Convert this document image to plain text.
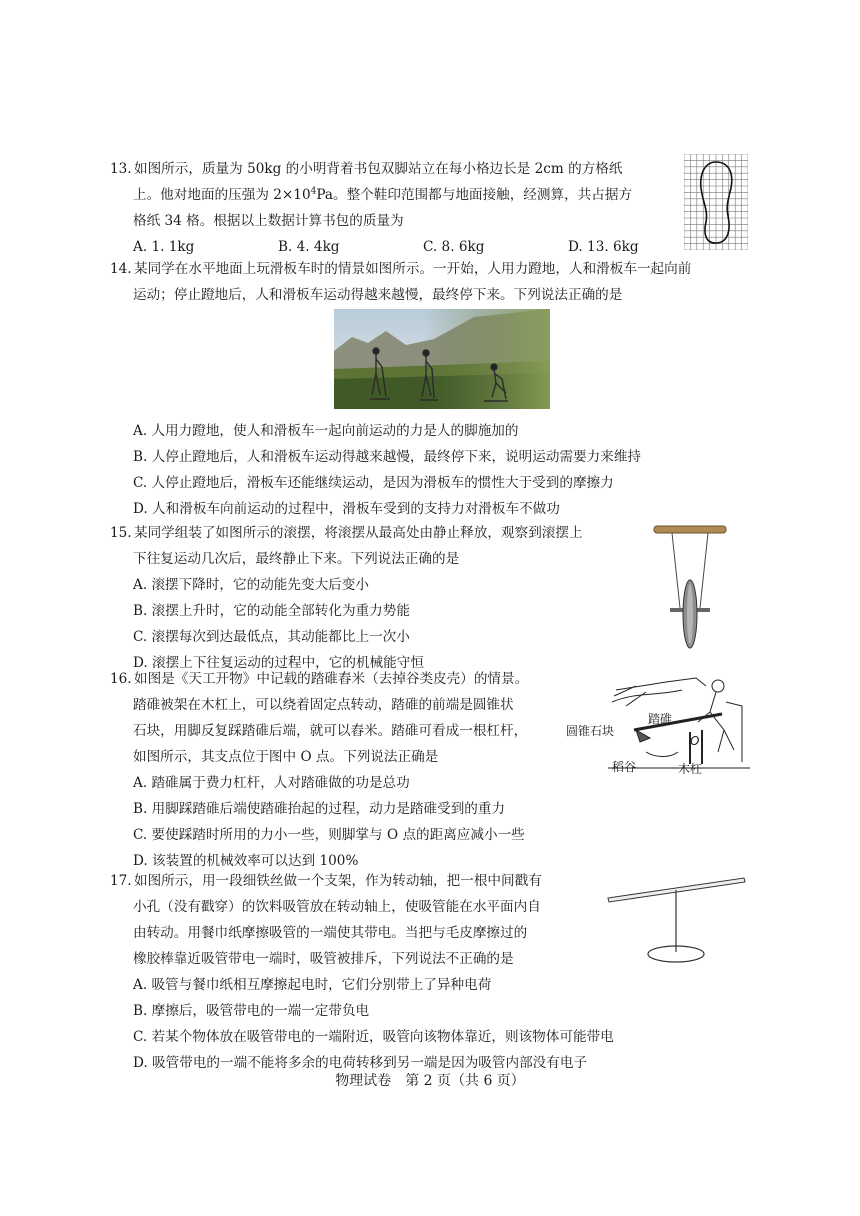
13. 如图所示，质量为 50kg 的小明背着书包双脚站立在每小格边长是 2cm 的方格纸
上。他对地面的压强为 $2\times 10^4Pa$。整个鞋印范围都与地面接触，经测算，共占据方
格纸 34 格。根据以上数据计算书包的质量为
A. 1. 1kg	B. 4. 4kg	C. 8. 6kg	D. 13. 6kg
14. 某同学在水平地面上玩滑板车时的情景如图所示。一开始，人用力蹬地，人和滑板车一起向前
运动；停止蹬地后，人和滑板车运动得越来越慢，最终停下来。下列说法正确的是
A. 人用力蹬地，使人和滑板车一起向前运动的力是人的脚施加的
B. 人停止蹬地后，人和滑板车运动得越来越慢，最终停下来，说明运动需要力来维持
C. 人停止蹬地后，滑板车还能继续运动，是因为滑板车的惯性大于受到的摩擦力
D. 人和滑板车向前运动的过程中，滑板车受到的支持力对滑板车不做功
15. 某同学组装了如图所示的滚摆，将滚摆从最高处由静止释放，观察到滚摆上
下往复运动几次后，最终静止下来。下列说法正确的是
A. 滚摆下降时，它的动能先变大后变小
B. 滚摆上升时，它的动能全部转化为重力势能
C. 滚摆每次到达最低点，其动能都比上一次小
D. 滚摆上下往复运动的过程中，它的机械能守恒
16. 如图是《天工开物》中记载的踏碓舂米（去掉谷类皮壳）的情景。
踏碓被架在木杠上，可以绕着固定点转动，踏碓的前端是圆锥状
石块，用脚反复踩踏碓后端，就可以舂米。踏碓可看成一根杠杆，
如图所示，其支点位于图中 O 点。下列说法正确是
A. 踏碓属于费力杠杆，人对踏碓做的功是总功
B. 用脚踩踏碓后端使踏碓抬起的过程，动力是踏碓受到的重力
C. 要使踩踏时所用的力小一些，则脚掌与 O 点的距离应减小一些
D. 该装置的机械效率可以达到 100%
踏碓
圆锥石块
O
稻谷	木杠
17. 如图所示，用一段细铁丝做一个支架，作为转动轴，把一根中间戳有
小孔（没有戳穿）的饮料吸管放在转动轴上，使吸管能在水平面内自
由转动。用餐巾纸摩擦吸管的一端使其带电。当把与毛皮摩擦过的
橡胶棒靠近吸管带电一端时，吸管被排斥，下列说法不正确的是
A. 吸管与餐巾纸相互摩擦起电时，它们分别带上了异种电荷
B. 摩擦后，吸管带电的一端一定带负电
C. 若某个物体放在吸管带电的一端附近，吸管向该物体靠近，则该物体可能带电
D. 吸管带电的一端不能将多余的电荷转移到另一端是因为吸管内部没有电子
物理试卷　第 2 页（共 6 页）
